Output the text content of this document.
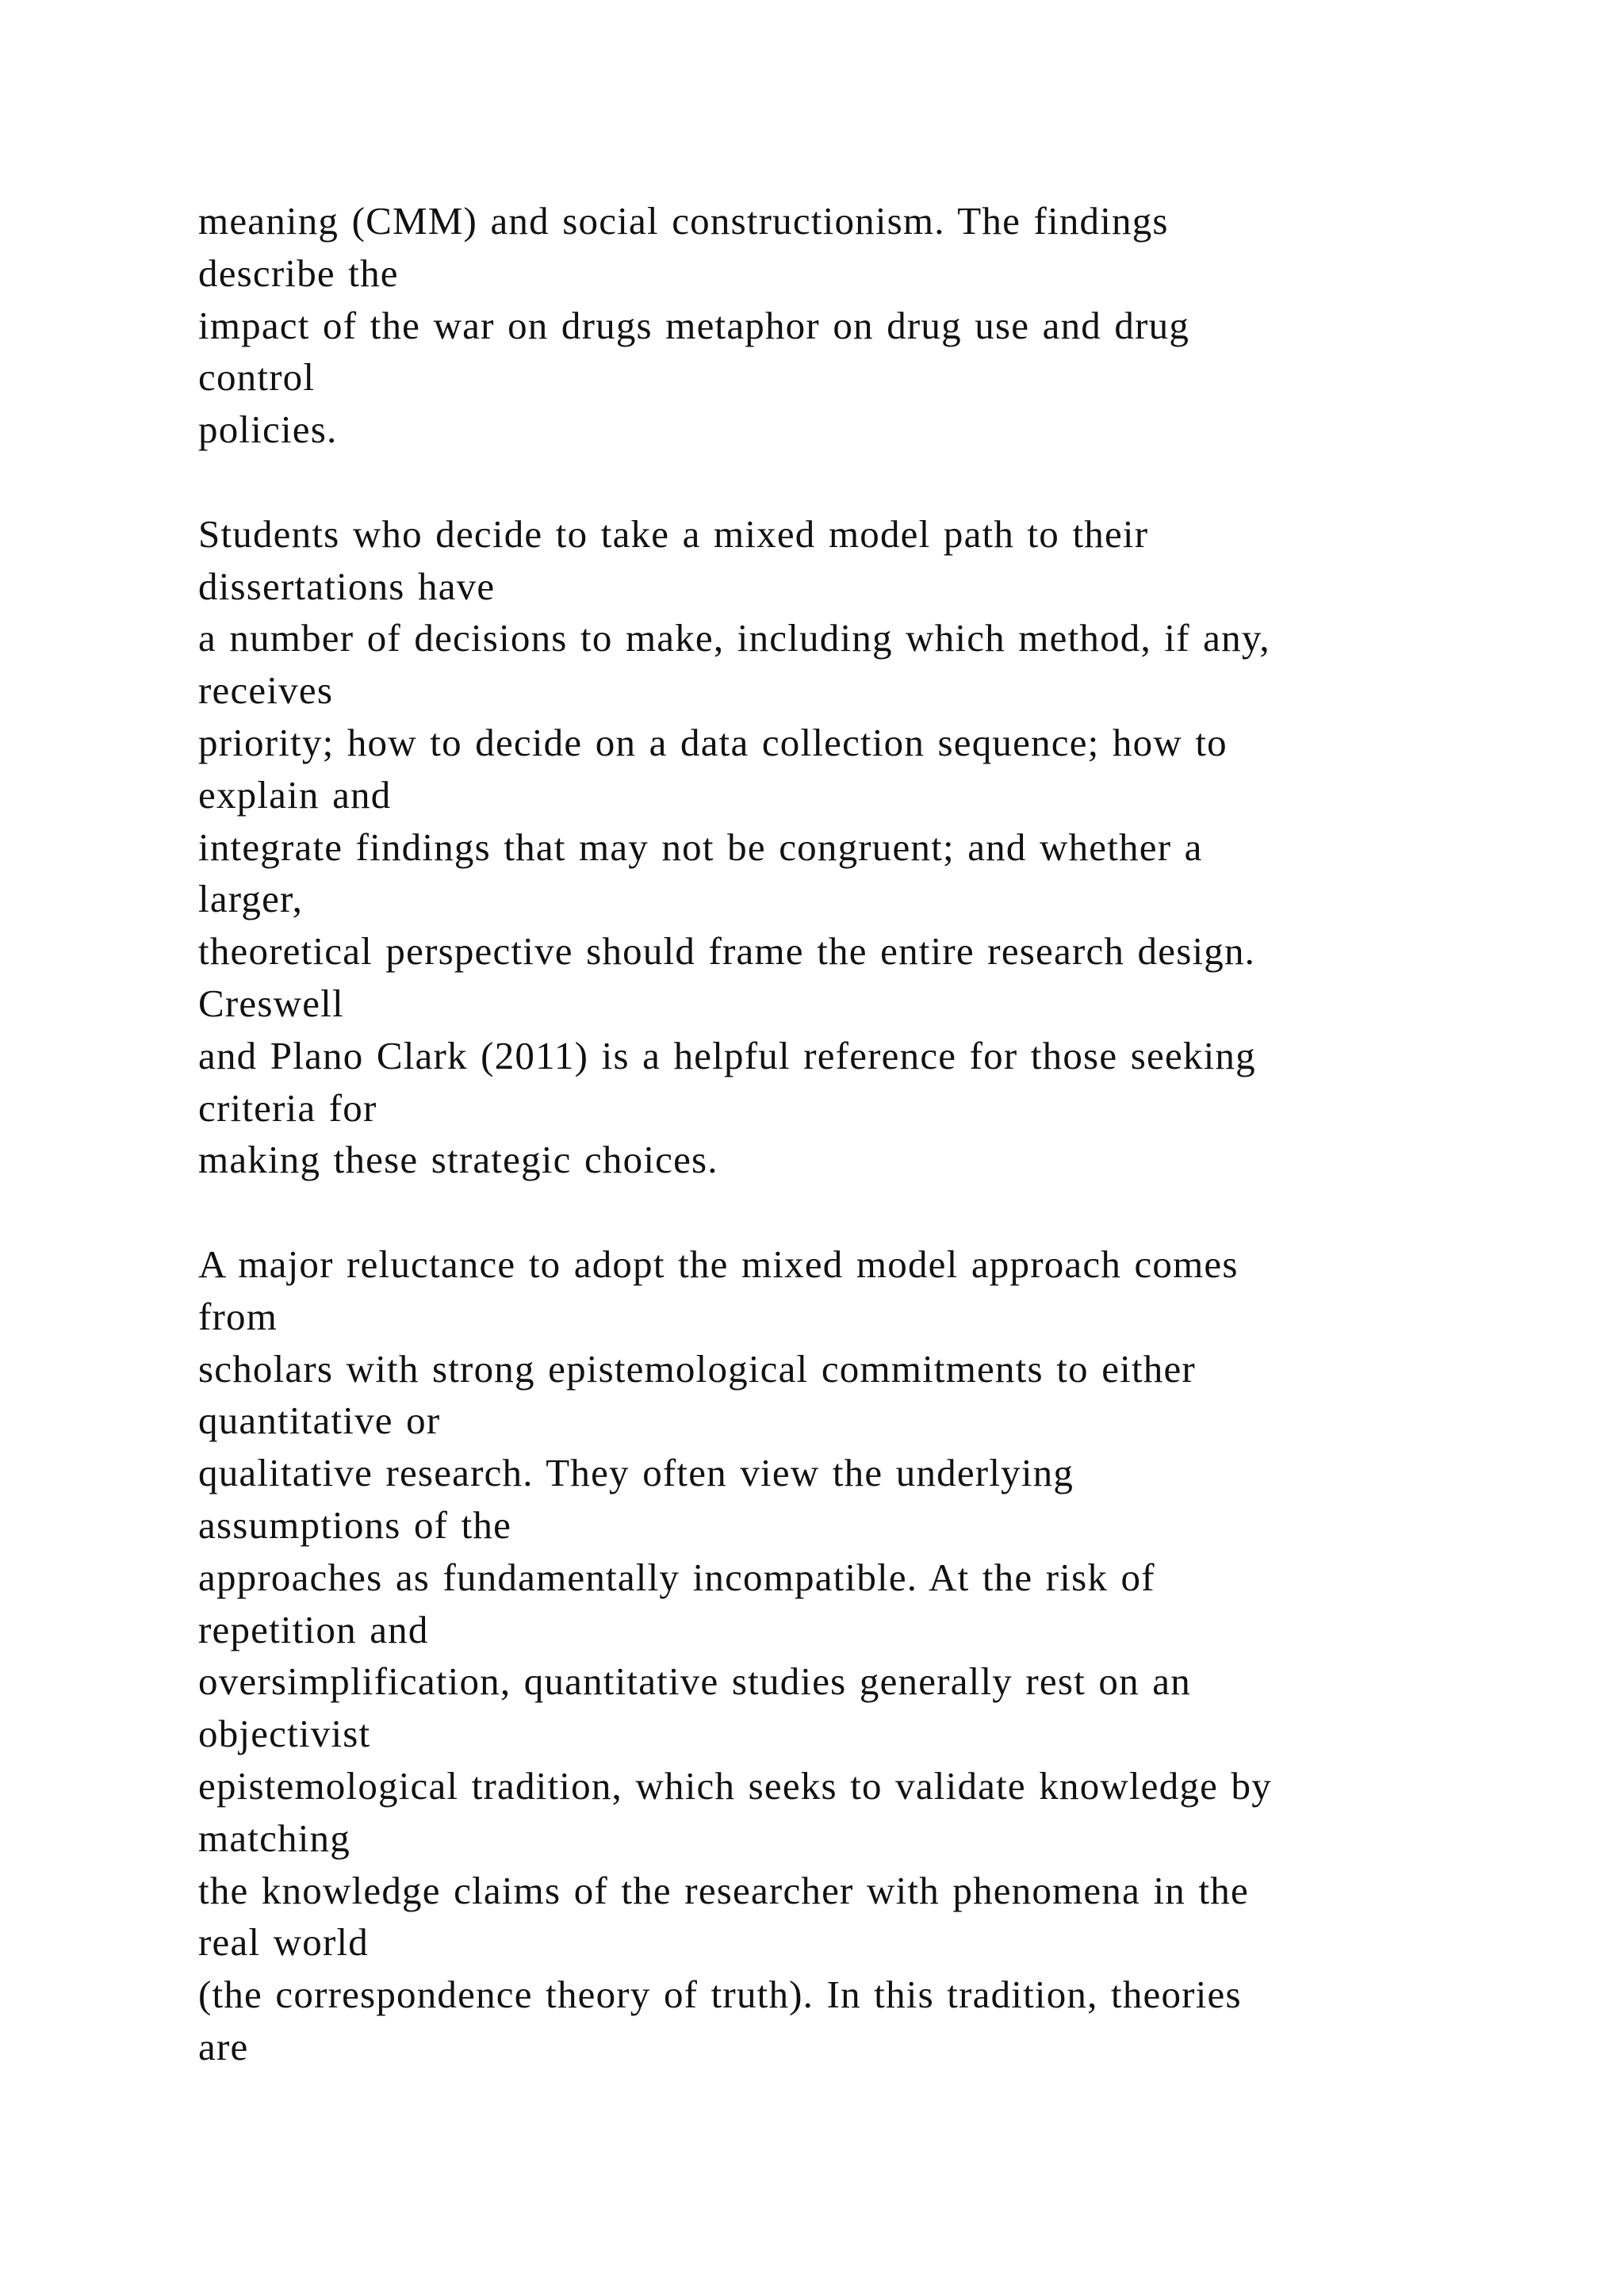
meaning (CMM) and social constructionism. The findings
describe the
impact of the war on drugs metaphor on drug use and drug
control
policies.
Students who decide to take a mixed model path to their
dissertations have
a number of decisions to make, including which method, if any,
receives
priority; how to decide on a data collection sequence; how to
explain and
integrate findings that may not be congruent; and whether a
larger,
theoretical perspective should frame the entire research design.
Creswell
and Plano Clark (2011) is a helpful reference for those seeking
criteria for
making these strategic choices.
A major reluctance to adopt the mixed model approach comes
from
scholars with strong epistemological commitments to either
quantitative or
qualitative research. They often view the underlying
assumptions of the
approaches as fundamentally incompatible. At the risk of
repetition and
oversimplification, quantitative studies generally rest on an
objectivist
epistemological tradition, which seeks to validate knowledge by
matching
the knowledge claims of the researcher with phenomena in the
real world
(the correspondence theory of truth). In this tradition, theories
are
